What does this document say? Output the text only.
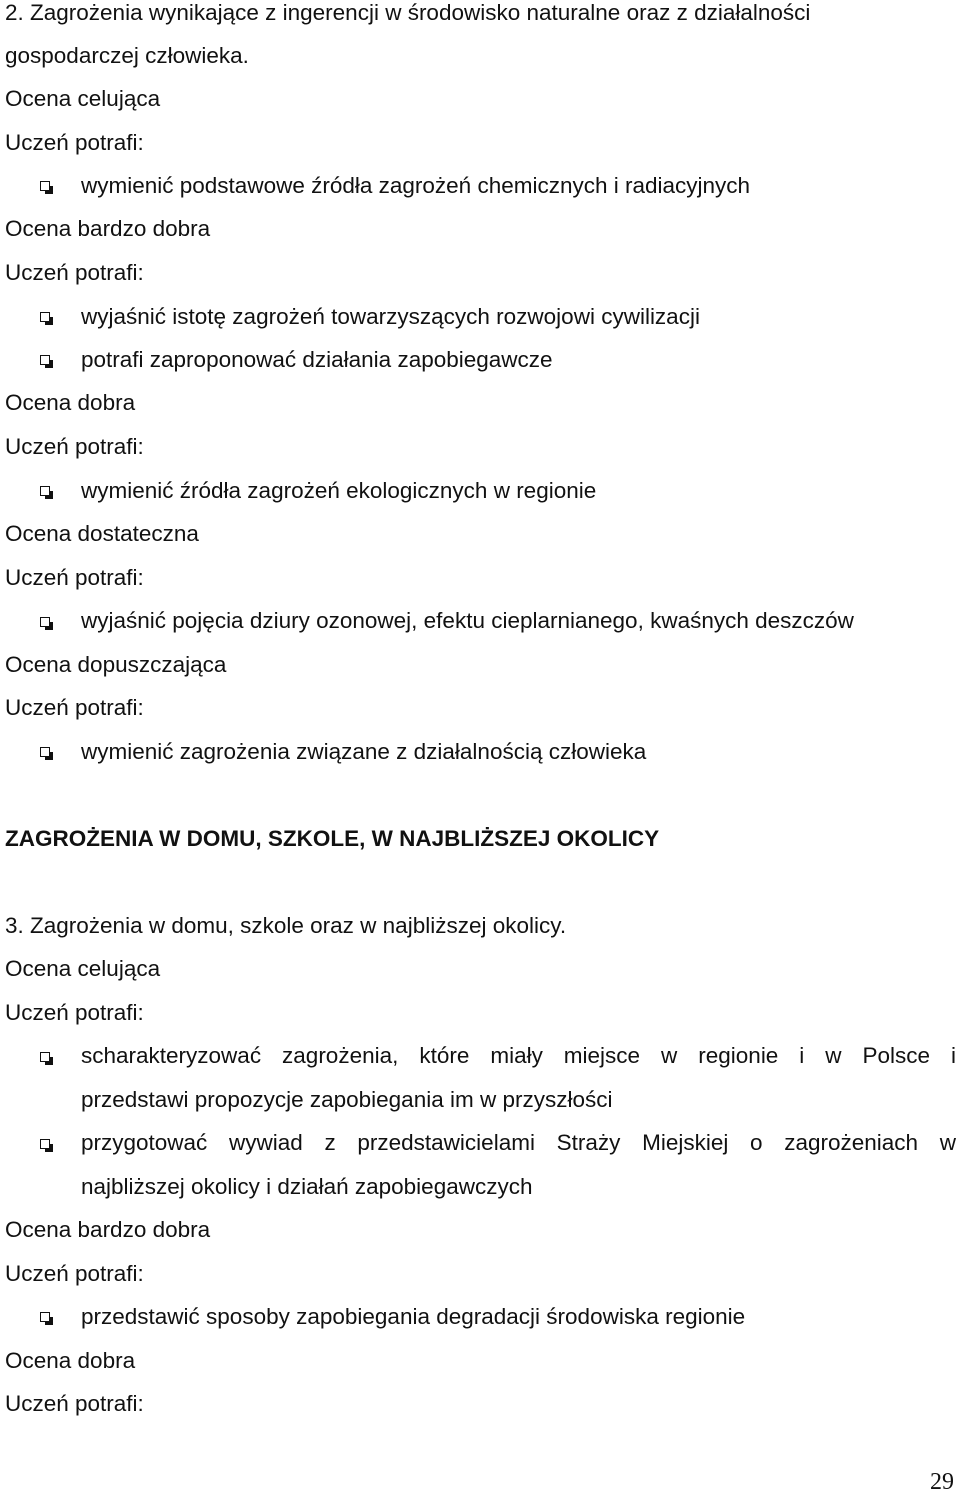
2. Zagrożenia wynikające z ingerencji w środowisko naturalne oraz z działalności
gospodarczej człowieka.
Ocena celująca
Uczeń potrafi:
wymienić podstawowe źródła zagrożeń chemicznych i radiacyjnych
Ocena bardzo dobra
Uczeń potrafi:
wyjaśnić istotę zagrożeń towarzyszących rozwojowi cywilizacji
potrafi zaproponować działania zapobiegawcze
Ocena dobra
Uczeń potrafi:
wymienić źródła zagrożeń ekologicznych w regionie
Ocena dostateczna
Uczeń potrafi:
wyjaśnić pojęcia dziury ozonowej, efektu cieplarnianego, kwaśnych deszczów
Ocena dopuszczająca
Uczeń potrafi:
wymienić zagrożenia związane z działalnością człowieka
ZAGROŻENIA W DOMU, SZKOLE, W NAJBLIŻSZEJ OKOLICY
3. Zagrożenia w domu, szkole oraz w najbliższej okolicy.
Ocena celująca
Uczeń potrafi:
scharakteryzować zagrożenia, które miały miejsce w regionie i w Polsce i
przedstawi propozycje zapobiegania im w przyszłości
przygotować wywiad z przedstawicielami Straży Miejskiej o zagrożeniach w
najbliższej okolicy i działań zapobiegawczych
Ocena bardzo dobra
Uczeń potrafi:
przedstawić sposoby zapobiegania degradacji środowiska regionie
Ocena dobra
Uczeń potrafi:
29
